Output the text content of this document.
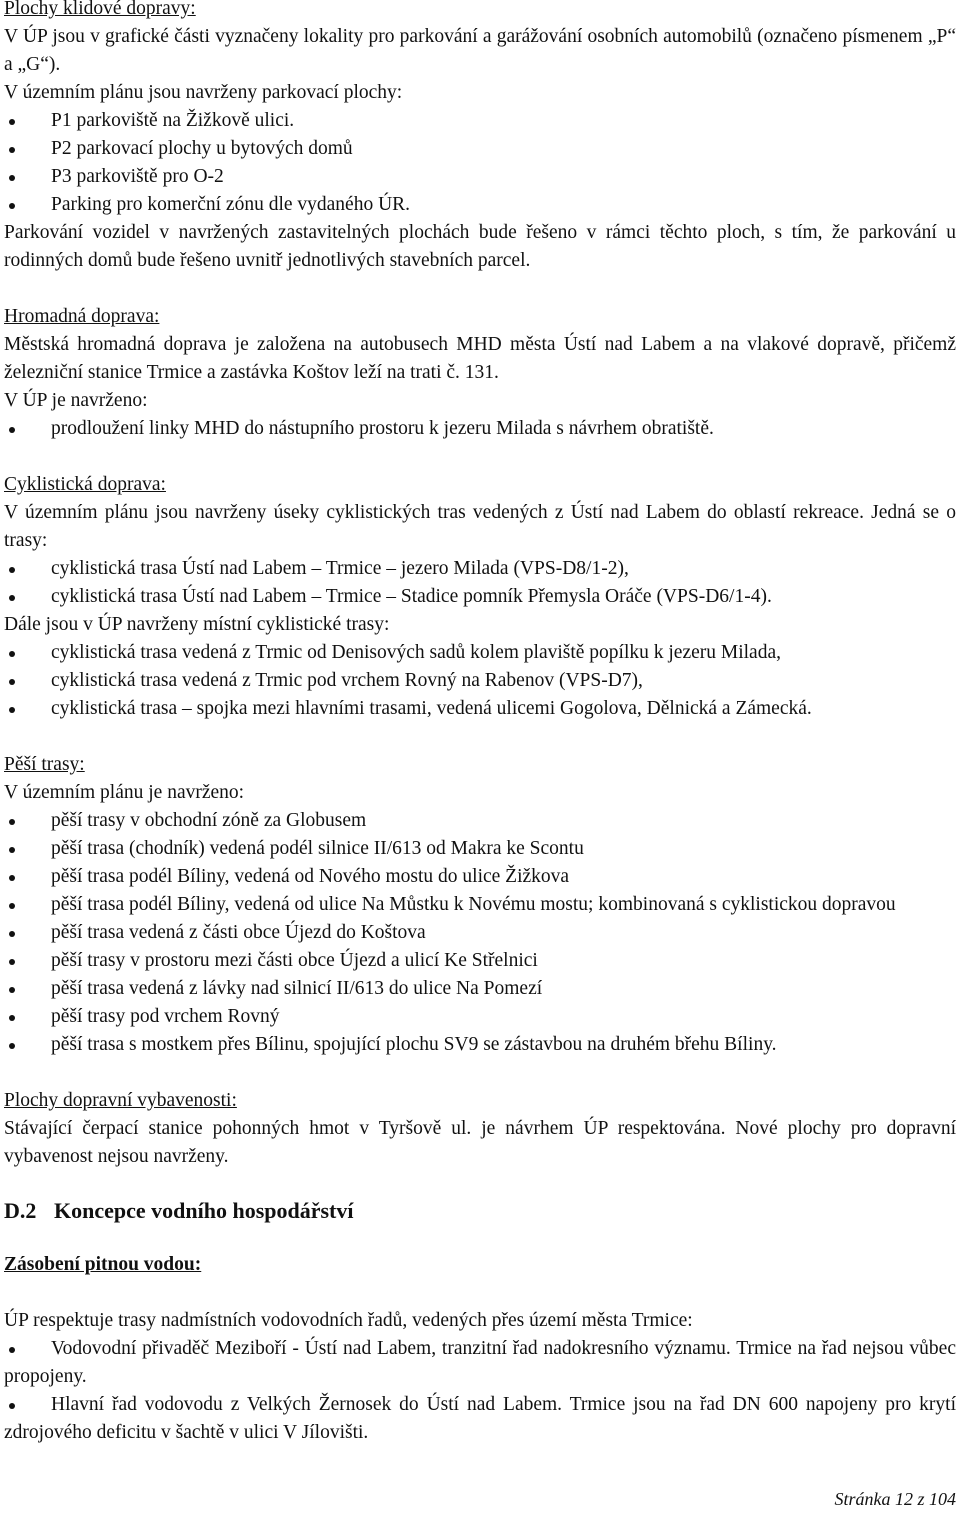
Plochy klidové dopravy:

V ÚP jsou v grafické části vyznačeny lokality pro parkování a garážování osobních automobilů (označeno písmenem „P“ a „G“).

V územním plánu jsou navrženy parkovací plochy:

P1 parkoviště na Žižkově ulici.
P2 parkovací plochy u bytových domů
P3 parkoviště pro O-2
Parking pro komerční zónu dle vydaného ÚR.

Parkování vozidel v navržených zastavitelných plochách bude řešeno v rámci těchto ploch, s tím, že parkování u rodinných domů bude řešeno uvnitř jednotlivých stavebních parcel.

Hromadná doprava:

Městská hromadná doprava je založena na autobusech MHD města Ústí nad Labem a na vlakové dopravě, přičemž železniční stanice Trmice a zastávka Koštov leží na trati č. 131.

V ÚP je navrženo:

prodloužení linky MHD do nástupního prostoru k jezeru Milada s návrhem obratiště.

Cyklistická doprava:

V územním plánu jsou navrženy úseky cyklistických tras vedených z Ústí nad Labem do oblastí rekreace. Jedná se o trasy:

cyklistická trasa Ústí nad Labem – Trmice – jezero Milada (VPS-D8/1-2),
cyklistická trasa Ústí nad Labem – Trmice – Stadice pomník Přemysla Oráče (VPS-D6/1-4).

Dále jsou v ÚP navrženy místní cyklistické trasy:

cyklistická trasa vedená z Trmic od Denisových sadů kolem plaviště popílku k jezeru Milada,
cyklistická trasa vedená z Trmic pod vrchem Rovný na Rabenov (VPS-D7),
cyklistická trasa – spojka mezi hlavními trasami, vedená ulicemi Gogolova, Dělnická a Zámecká.

Pěší trasy:

V územním plánu je navrženo:

pěší trasy v obchodní zóně za Globusem
pěší trasa (chodník) vedená podél silnice II/613 od Makra ke Scontu
pěší trasa podél Bíliny, vedená od Nového mostu do ulice Žižkova
pěší trasa podél Bíliny, vedená od ulice Na Můstku k Novému mostu; kombinovaná s cyklistickou dopravou
pěší trasa vedená z části obce Újezd do Koštova
pěší trasy v prostoru mezi části obce Újezd a ulicí Ke Střelnici
pěší trasa vedená z lávky nad silnicí II/613 do ulice Na Pomezí
pěší trasy pod vrchem Rovný
pěší trasa s mostkem přes Bílinu, spojující plochu SV9 se zástavbou na druhém břehu Bíliny.

Plochy dopravní vybavenosti:

Stávající čerpací stanice pohonných hmot v Tyršově ul. je návrhem ÚP respektována. Nové plochy pro dopravní vybavenost nejsou navrženy.

D.2 Koncepce vodního hospodářství

Zásobení pitnou vodou:

ÚP respektuje trasy nadmístních vodovodních řadů, vedených přes území města Trmice:

Vodovodní přivaděč Meziboří - Ústí nad Labem, tranzitní řad nadokresního významu. Trmice na řad nejsou vůbec propojeny.
Hlavní řad vodovodu z Velkých Žernosek do Ústí nad Labem. Trmice jsou na řad DN 600 napojeny pro krytí zdrojového deficitu v šachtě v ulici V Jílovišti.
Stránka 12 z 104
